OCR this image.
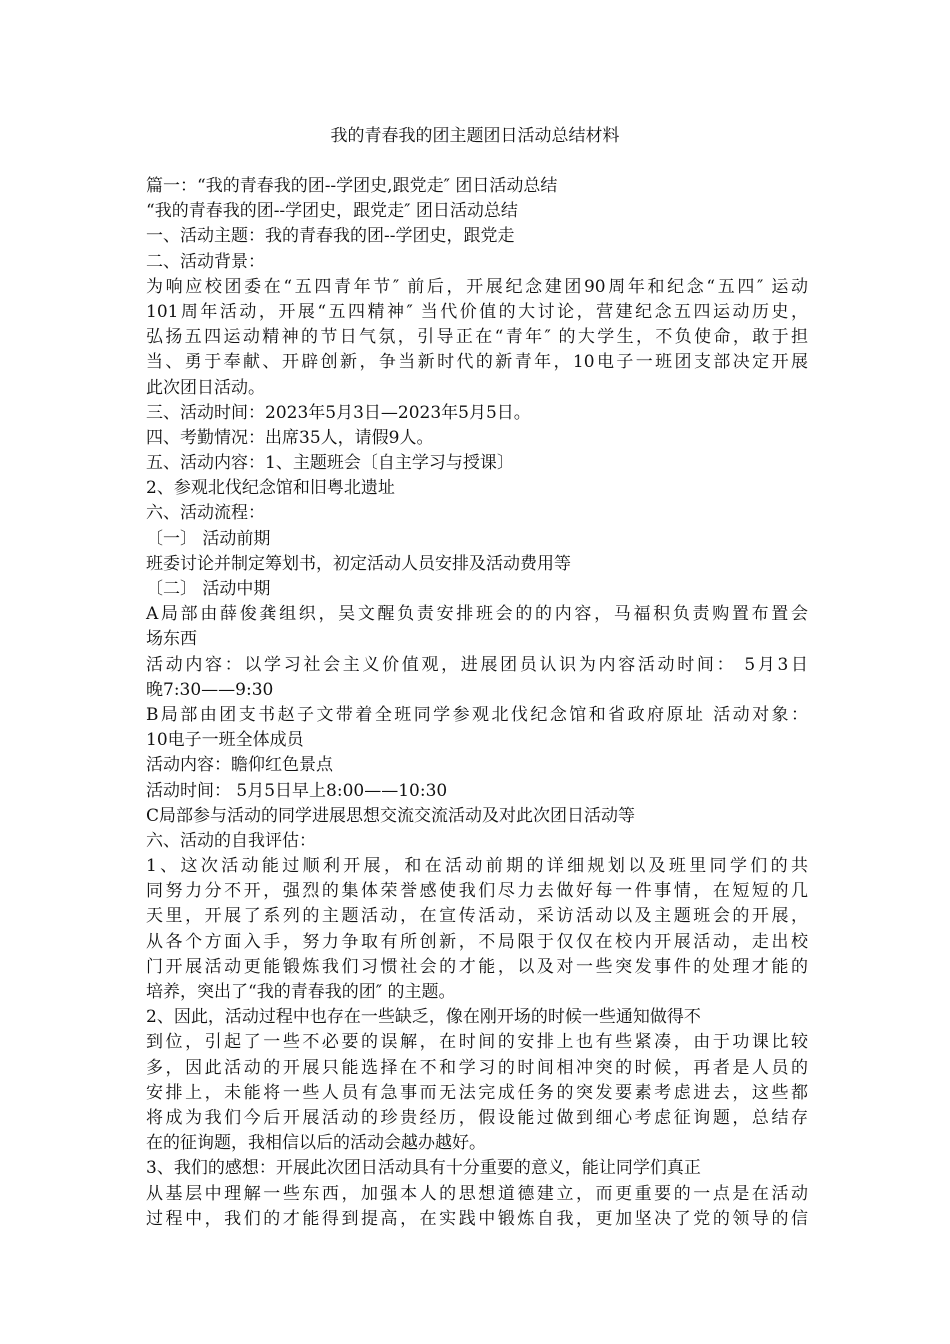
我的青春我的团主题团日活动总结材料
篇一：“我的青春我的团--学团史,跟党走″ 团日活动总结
“我的青春我的团--学团史，跟党走″ 团日活动总结
一、活动主题：我的青春我的团--学团史，跟党走
二、活动背景：
为响应校团委在“五四青年节″ 前后，开展纪念建团90周年和纪念“五四″ 运动
101周年活动，开展“五四精神″ 当代价值的大讨论，营建纪念五四运动历史，
弘扬五四运动精神的节日气氛，引导正在“青年″ 的大学生，不负使命，敢于担
当、勇于奉献、开辟创新，争当新时代的新青年，10电子一班团支部决定开展
此次团日活动。
三、活动时间：2023年5月3日—2023年5月5日。
四、考勤情况：出席35人，请假9人。
五、活动内容：1、主题班会〔自主学习与授课〕
2、参观北伐纪念馆和旧粤北遗址
六、活动流程：
〔一〕 活动前期
班委讨论并制定筹划书，初定活动人员安排及活动费用等
〔二〕 活动中期
A局部由薛俊龚组织，吴文醒负责安排班会的的内容，马福积负责购置布置会
场东西
活动内容：以学习社会主义价值观，进展团员认识为内容活动时间： 5月3日
晚7:30——9:30
B局部由团支书赵子文带着全班同学参观北伐纪念馆和省政府原址 活动对象：
10电子一班全体成员
活动内容：瞻仰红色景点
活动时间： 5月5日早上8:00——10:30
C局部参与活动的同学进展思想交流交流活动及对此次团日活动等
六、活动的自我评估：
1、这次活动能过顺利开展，和在活动前期的详细规划以及班里同学们的共
同努力分不开，强烈的集体荣誉感使我们尽力去做好每一件事情，在短短的几
天里，开展了系列的主题活动，在宣传活动，采访活动以及主题班会的开展，
从各个方面入手，努力争取有所创新，不局限于仅仅在校内开展活动，走出校
门开展活动更能锻炼我们习惯社会的才能，以及对一些突发事件的处理才能的
培养，突出了“我的青春我的团″ 的主题。
2、因此，活动过程中也存在一些缺乏，像在刚开场的时候一些通知做得不
到位，引起了一些不必要的误解，在时间的安排上也有些紧凑，由于功课比较
多，因此活动的开展只能选择在不和学习的时间相冲突的时候，再者是人员的
安排上，未能将一些人员有急事而无法完成任务的突发要素考虑进去，这些都
将成为我们今后开展活动的珍贵经历，假设能过做到细心考虑征询题，总结存
在的征询题，我相信以后的活动会越办越好。
3、我们的感想：开展此次团日活动具有十分重要的意义，能让同学们真正
从基层中理解一些东西，加强本人的思想道德建立，而更重要的一点是在活动
过程中，我们的才能得到提高，在实践中锻炼自我，更加坚决了党的领导的信
